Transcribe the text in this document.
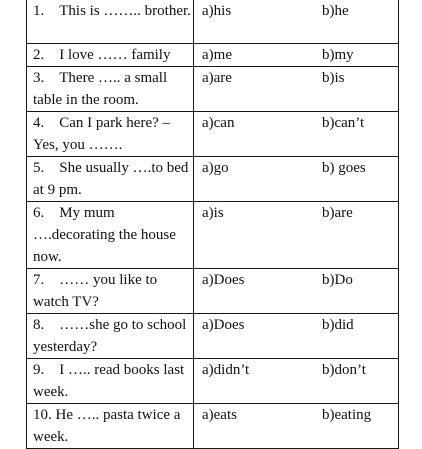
1. This is …….. brother.	a)his b)he

2. I love …… family	a)me b)my

3. There ….. a small table in the room.	a)are b)is

4. Can I park here? – Yes, you …….	a)can b)can’t

5. She usually ….to bed at 9 pm.	a)go b) goes

6. My mum ….decorating the house now.	a)is b)are

7. …… you like to watch TV?	a)Does b)Do

8. ……she go to school yesterday?	a)Does b)did

9. I ….. read books last week.	a)didn’t b)don’t

10. He ….. pasta twice a week.	a)eats b)eating
